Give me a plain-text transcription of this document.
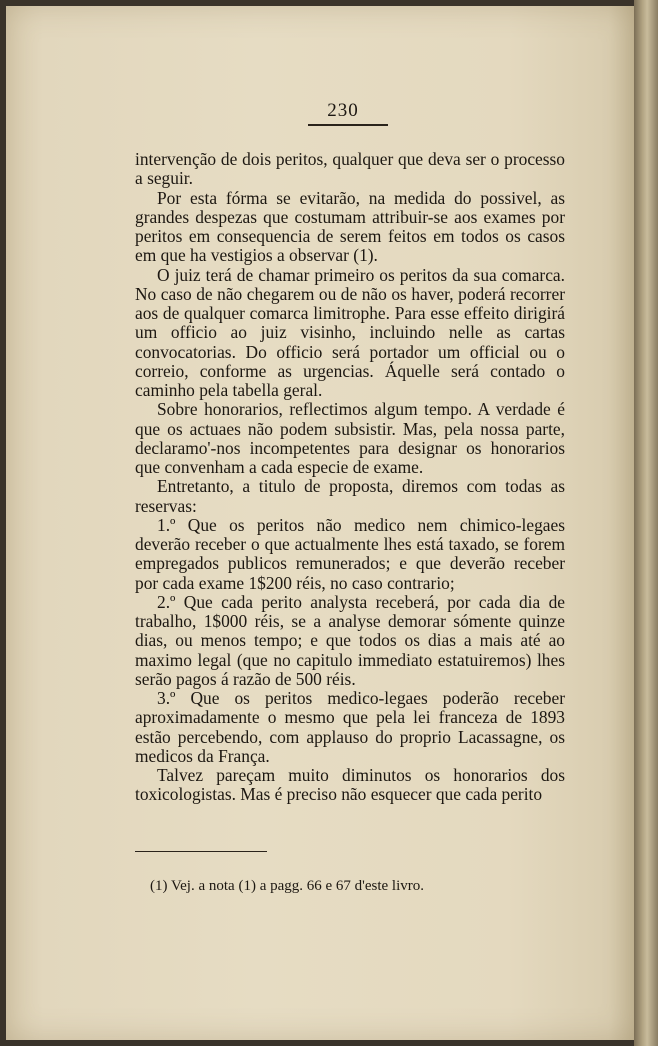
230

intervenção de dois peritos, qualquer que deva ser o processo a seguir.

Por esta fórma se evitarão, na medida do possivel, as grandes despezas que costumam attribuir-se aos exames por peritos em consequencia de serem feitos em todos os casos em que ha vestigios a observar (1).

O juiz terá de chamar primeiro os peritos da sua comarca. No caso de não chegarem ou de não os haver, poderá recorrer aos de qualquer comarca limitrophe. Para esse effeito dirigirá um officio ao juiz visinho, incluindo nelle as cartas convocatorias. Do officio será portador um official ou o correio, conforme as urgencias. Áquelle será contado o caminho pela tabella geral.

Sobre honorarios, reflectimos algum tempo. A verdade é que os actuaes não podem subsistir. Mas, pela nossa parte, declaramo'-nos incompetentes para designar os honorarios que convenham a cada especie de exame.

Entretanto, a titulo de proposta, diremos com todas as reservas:

1.º Que os peritos não medico nem chimico-legaes deverão receber o que actualmente lhes está taxado, se forem empregados publicos remunerados; e que deverão receber por cada exame 1$200 réis, no caso contrario;

2.º Que cada perito analysta receberá, por cada dia de trabalho, 1$000 réis, se a analyse demorar sómente quinze dias, ou menos tempo; e que todos os dias a mais até ao maximo legal (que no capitulo immediato estatuiremos) lhes serão pagos á razão de 500 réis.

3.º Que os peritos medico-legaes poderão receber aproximadamente o mesmo que pela lei franceza de 1893 estão percebendo, com applauso do proprio Lacassagne, os medicos da França.

Talvez pareçam muito diminutos os honorarios dos toxicologistas. Mas é preciso não esquecer que cada perito

(1) Vej. a nota (1) a pagg. 66 e 67 d'este livro.
